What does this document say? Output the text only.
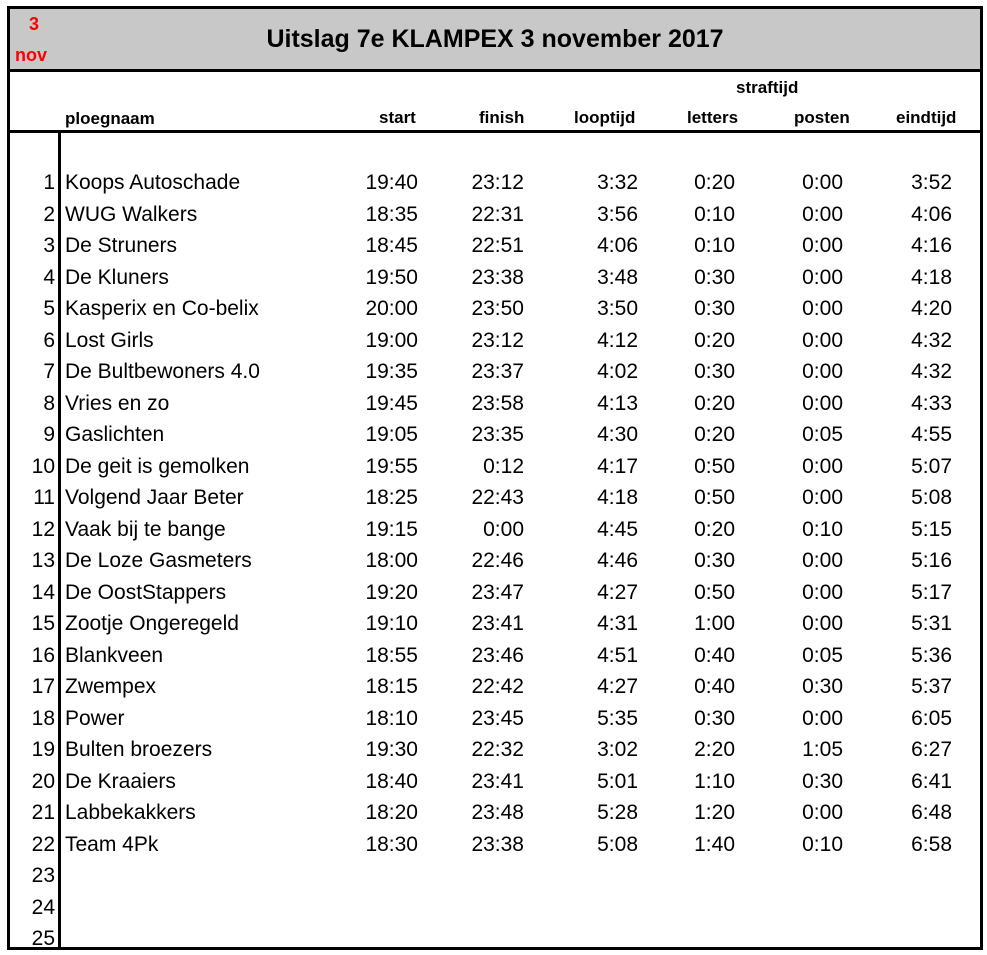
3
nov
Uitslag 7e KLAMPEX 3 november 2017
straftijd
ploegnaam	start	finish	looptijd	letters	posten	eindtijd
1 Koops Autoschade	19:40	23:12	3:32	0:20	0:00	3:52
2 WUG Walkers	18:35	22:31	3:56	0:10	0:00	4:06
3 De Struners	18:45	22:51	4:06	0:10	0:00	4:16
4 De Kluners	19:50	23:38	3:48	0:30	0:00	4:18
5 Kasperix en Co-belix	20:00	23:50	3:50	0:30	0:00	4:20
6 Lost Girls	19:00	23:12	4:12	0:20	0:00	4:32
7 De Bultbewoners 4.0	19:35	23:37	4:02	0:30	0:00	4:32
8 Vries en zo	19:45	23:58	4:13	0:20	0:00	4:33
9 Gaslichten	19:05	23:35	4:30	0:20	0:05	4:55
10 De geit is gemolken	19:55	0:12	4:17	0:50	0:00	5:07
11 Volgend Jaar Beter	18:25	22:43	4:18	0:50	0:00	5:08
12 Vaak bij te bange	19:15	0:00	4:45	0:20	0:10	5:15
13 De Loze Gasmeters	18:00	22:46	4:46	0:30	0:00	5:16
14 De OostStappers	19:20	23:47	4:27	0:50	0:00	5:17
15 Zootje Ongeregeld	19:10	23:41	4:31	1:00	0:00	5:31
16 Blankveen	18:55	23:46	4:51	0:40	0:05	5:36
17 Zwempex	18:15	22:42	4:27	0:40	0:30	5:37
18 Power	18:10	23:45	5:35	0:30	0:00	6:05
19 Bulten broezers	19:30	22:32	3:02	2:20	1:05	6:27
20 De Kraaiers	18:40	23:41	5:01	1:10	0:30	6:41
21 Labbekakkers	18:20	23:48	5:28	1:20	0:00	6:48
22 Team 4Pk	18:30	23:38	5:08	1:40	0:10	6:58
23
24
25
